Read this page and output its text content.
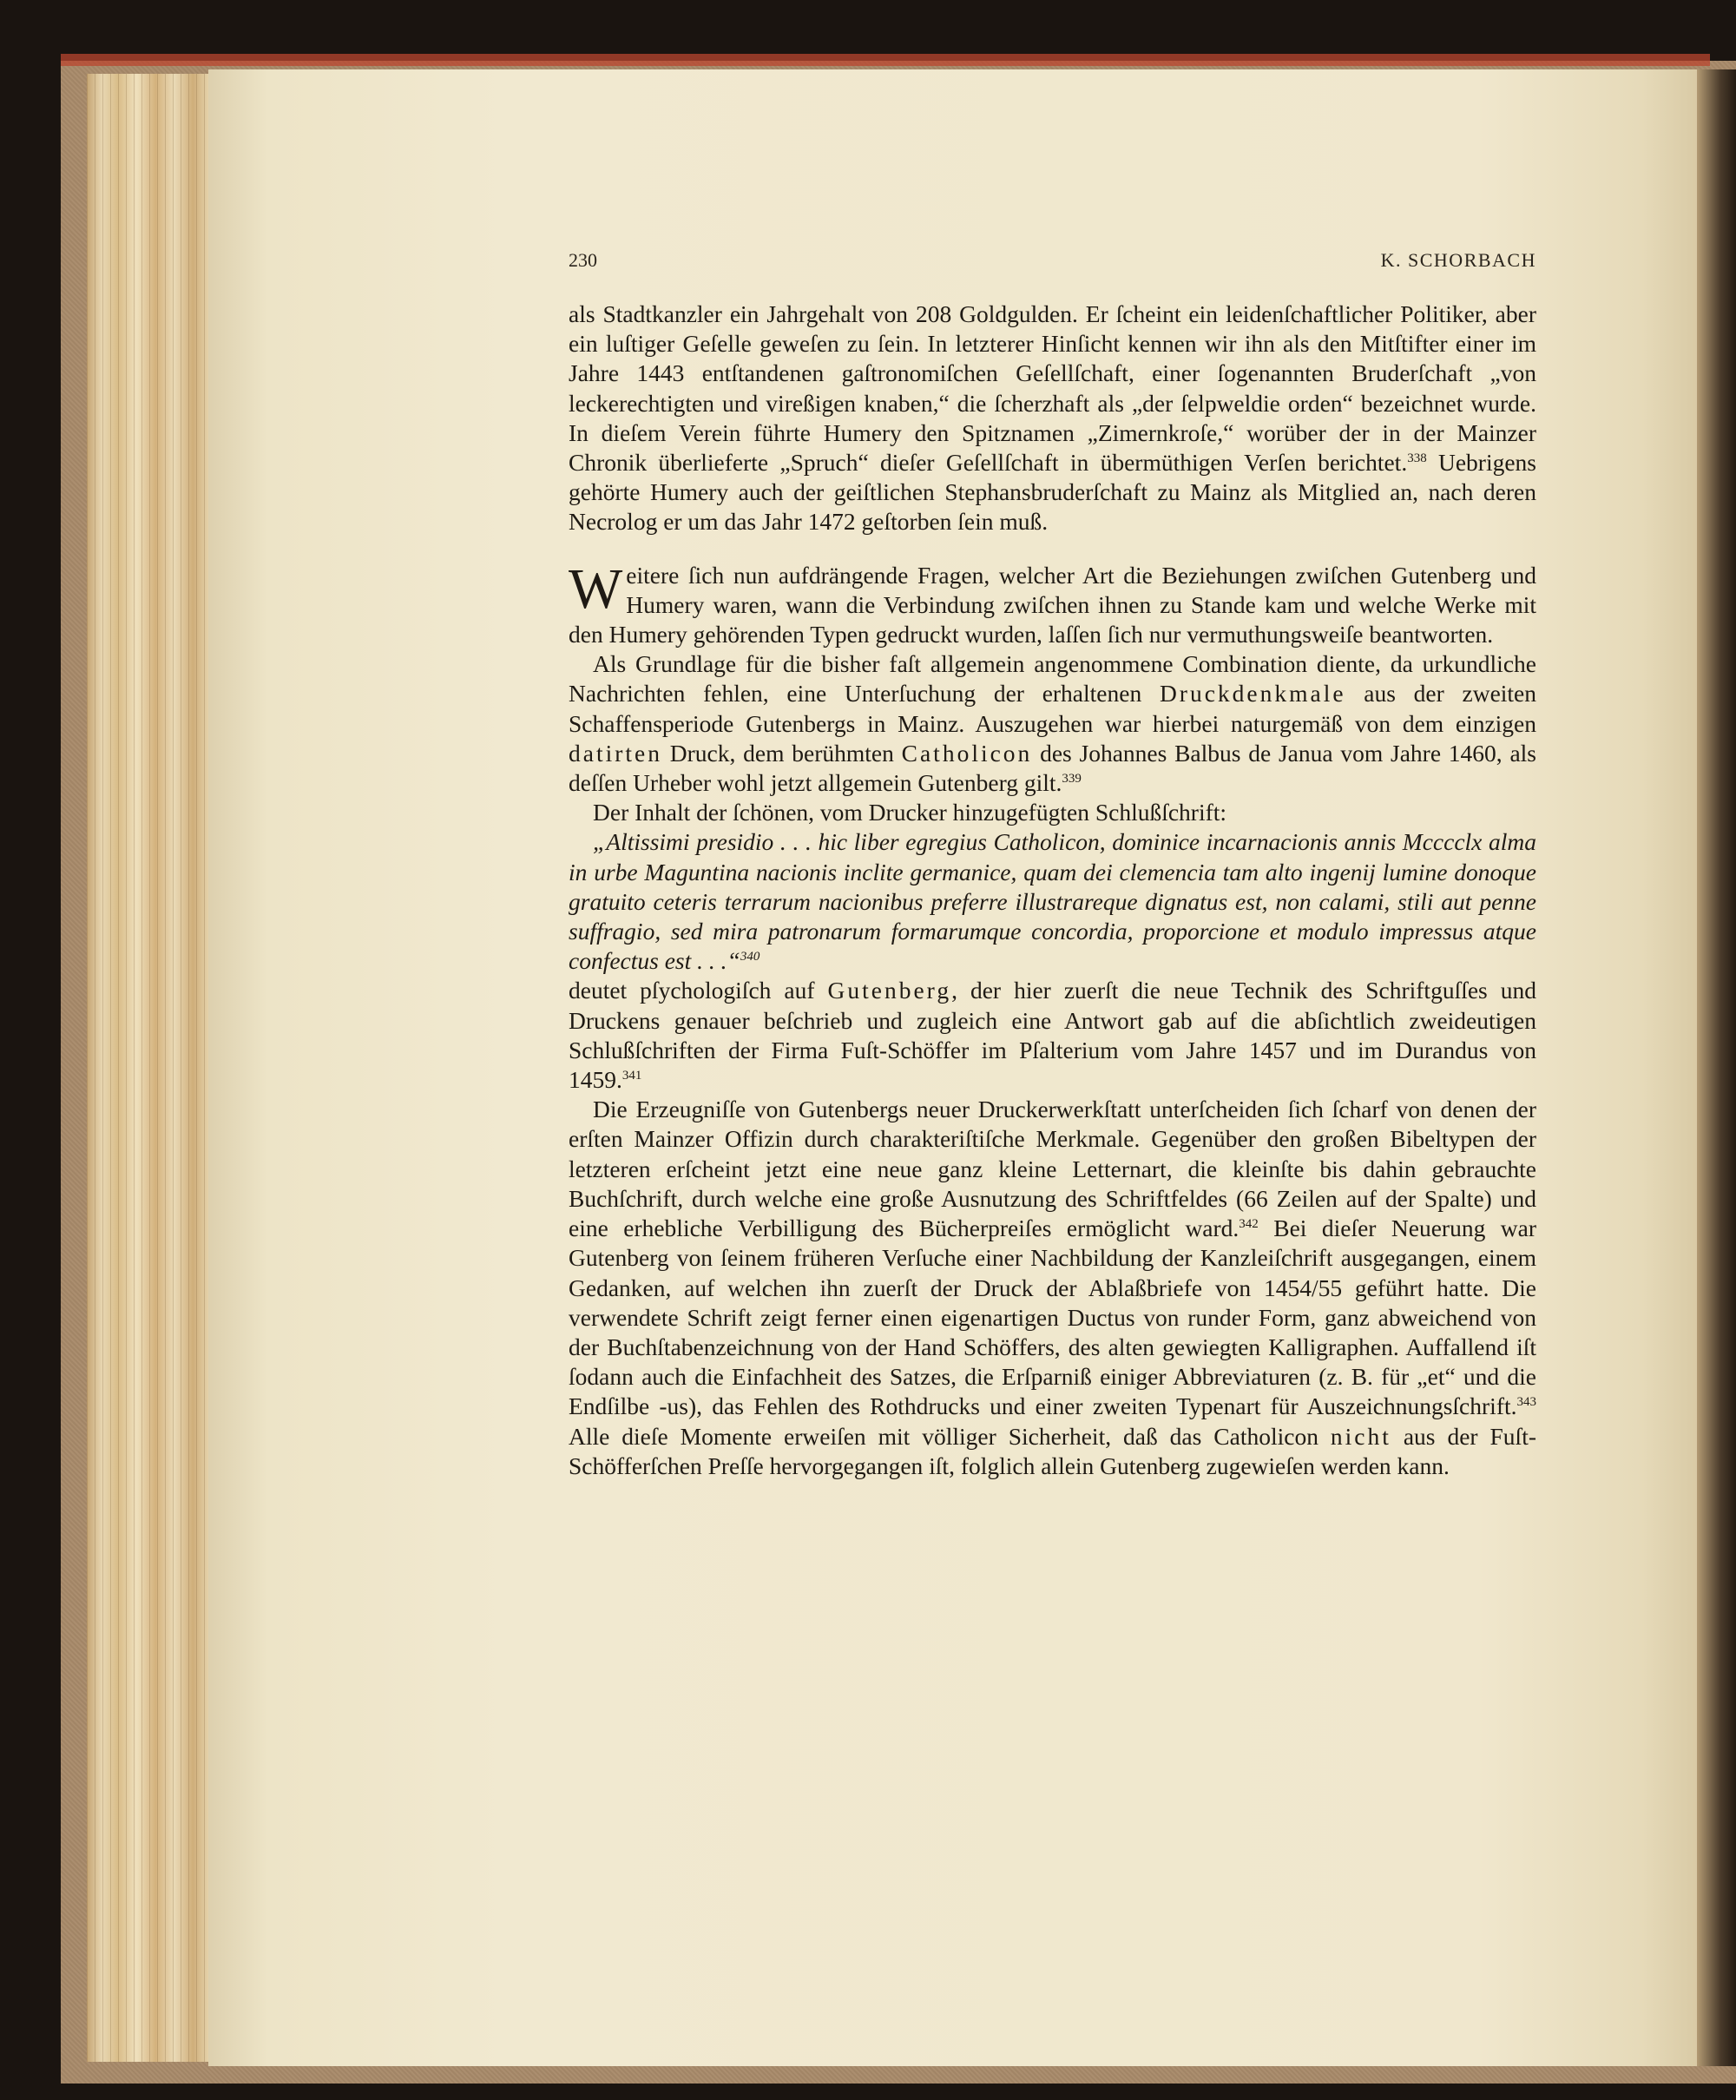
230	K. SCHORBACH

als Stadtkanzler ein Jahrgehalt von 208 Goldgulden. Er ſcheint ein leidenſchaftlicher Politiker, aber ein luſtiger Geſelle geweſen zu ſein. In letzterer Hinſicht kennen wir ihn als den Mitſtifter einer im Jahre 1443 entſtandenen gaſtronomiſchen Geſellſchaft, einer ſogenannten Bruderſchaft „von leckerechtigten und vireßigen knaben,“ die ſcherzhaft als „der ſelpweldie orden“ bezeichnet wurde. In dieſem Verein führte Humery den Spitznamen „Zimernkroſe,“ worüber der in der Mainzer Chronik überlieferte „Spruch“ dieſer Geſellſchaft in übermüthigen Verſen berichtet.$^{338}$ Uebrigens gehörte Humery auch der geiſtlichen Stephansbruderſchaft zu Mainz als Mitglied an, nach deren Necrolog er um das Jahr 1472 geſtorben ſein muß.

Weitere ſich nun aufdrängende Fragen, welcher Art die Beziehungen zwiſchen Gutenberg und Humery waren, wann die Verbindung zwiſchen ihnen zu Stande kam und welche Werke mit den Humery gehörenden Typen gedruckt wurden, laſſen ſich nur vermuthungsweiſe beantworten.

Als Grundlage für die bisher faſt allgemein angenommene Combination diente, da urkundliche Nachrichten fehlen, eine Unterſuchung der erhaltenen Druckdenkmale aus der zweiten Schaffensperiode Gutenbergs in Mainz. Auszugehen war hierbei naturgemäß von dem einzigen datirten Druck, dem berühmten Catholicon des Johannes Balbus de Janua vom Jahre 1460, als deſſen Urheber wohl jetzt allgemein Gutenberg gilt.$^{339}$

Der Inhalt der ſchönen, vom Drucker hinzugefügten Schlußſchrift:

„Altissimi presidio . . . hic liber egregius Catholicon, dominice incarnacionis annis Mcccclx alma in urbe Maguntina nacionis inclite germanice, quam dei clemencia tam alto ingenij lumine donoque gratuito ceteris terrarum nacionibus preferre illustrareque dignatus est, non calami, stili aut penne suffragio, sed mira patronarum formarumque concordia, proporcione et modulo impressus atque confectus est . . .“$^{340}$

deutet pſychologiſch auf Gutenberg, der hier zuerſt die neue Technik des Schriftguſſes und Druckens genauer beſchrieb und zugleich eine Antwort gab auf die abſichtlich zweideutigen Schlußſchriften der Firma Fuſt-Schöffer im Pſalterium vom Jahre 1457 und im Durandus von 1459.$^{341}$

Die Erzeugniſſe von Gutenbergs neuer Druckerwerkſtatt unterſcheiden ſich ſcharf von denen der erſten Mainzer Offizin durch charakteriſtiſche Merkmale. Gegenüber den großen Bibeltypen der letzteren erſcheint jetzt eine neue ganz kleine Letternart, die kleinſte bis dahin gebrauchte Buchſchrift, durch welche eine große Ausnutzung des Schriftfeldes (66 Zeilen auf der Spalte) und eine erhebliche Verbilligung des Bücherpreiſes ermöglicht ward.$^{342}$ Bei dieſer Neuerung war Gutenberg von ſeinem früheren Verſuche einer Nachbildung der Kanzleiſchrift ausgegangen, einem Gedanken, auf welchen ihn zuerſt der Druck der Ablaßbriefe von 1454/55 geführt hatte. Die verwendete Schrift zeigt ferner einen eigenartigen Ductus von runder Form, ganz abweichend von der Buchſtabenzeichnung von der Hand Schöffers, des alten gewiegten Kalligraphen. Auffallend iſt ſodann auch die Einfachheit des Satzes, die Erſparniß einiger Abbreviaturen (z. B. für „et“ und die Endſilbe -us), das Fehlen des Rothdrucks und einer zweiten Typenart für Auszeichnungsſchrift.$^{343}$ Alle dieſe Momente erweiſen mit völliger Sicherheit, daß das Catholicon nicht aus der Fuſt-Schöfferſchen Preſſe hervorgegangen iſt, folglich allein Gutenberg zugewieſen werden kann.
